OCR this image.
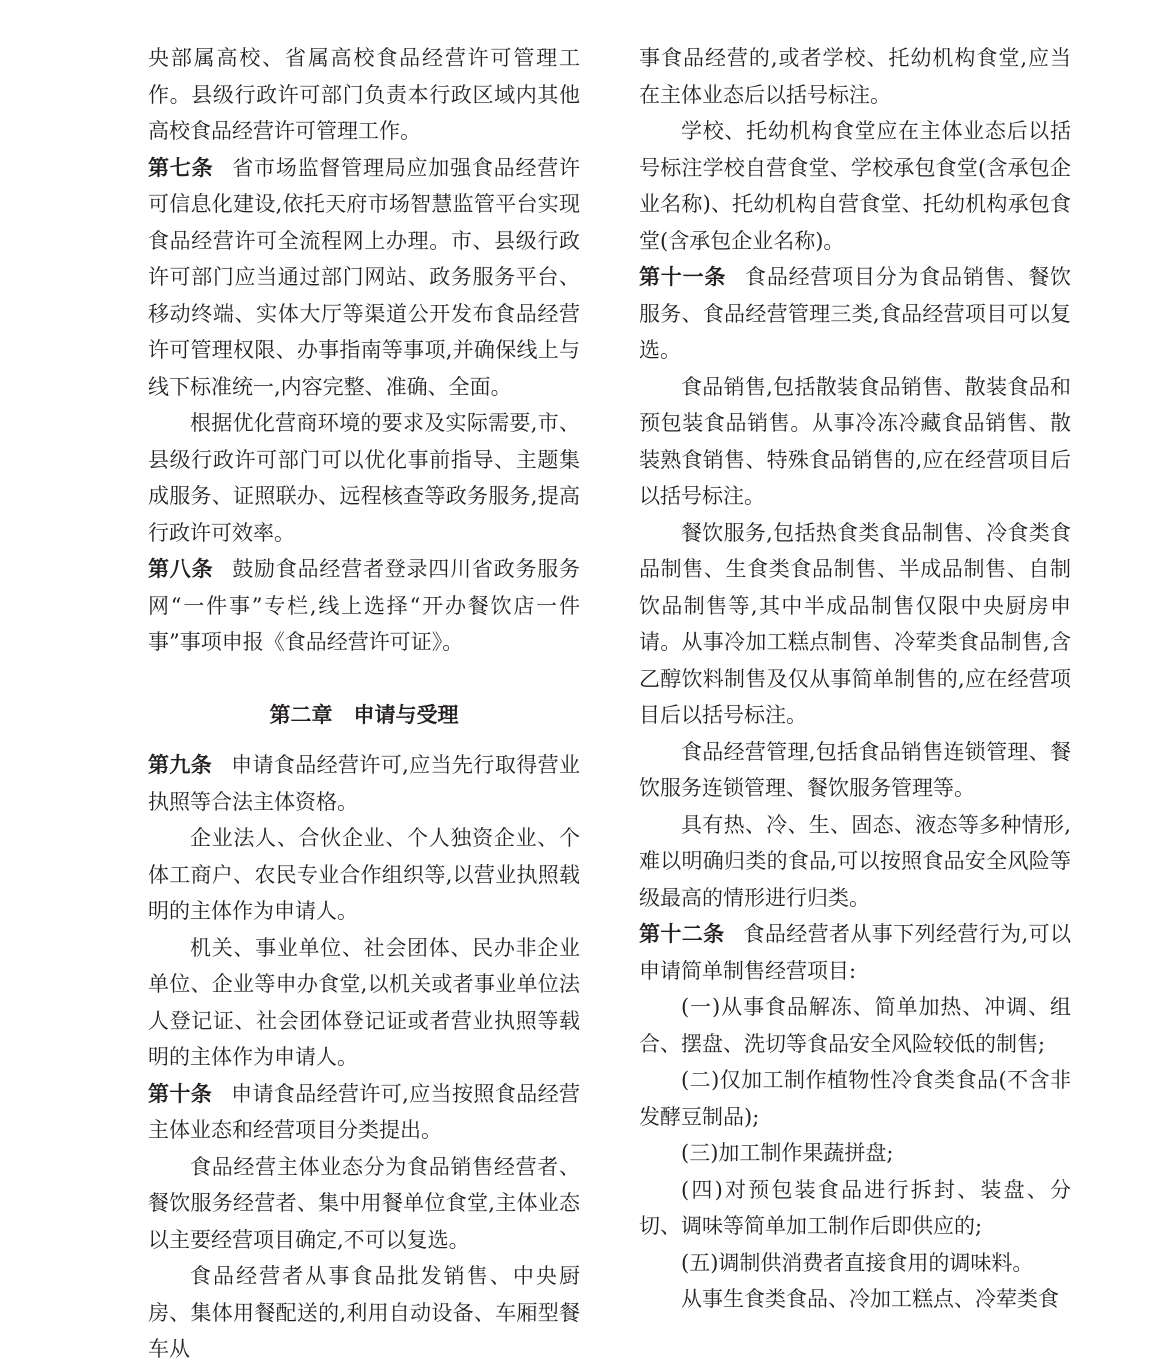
央部属高校、省属高校食品经营许可管理工作。县级行政许可部门负责本行政区域内其他高校食品经营许可管理工作。

第七条 省市场监督管理局应加强食品经营许可信息化建设,依托天府市场智慧监管平台实现食品经营许可全流程网上办理。市、县级行政许可部门应当通过部门网站、政务服务平台、移动终端、实体大厅等渠道公开发布食品经营许可管理权限、办事指南等事项,并确保线上与线下标准统一,内容完整、准确、全面。

根据优化营商环境的要求及实际需要,市、县级行政许可部门可以优化事前指导、主题集成服务、证照联办、远程核查等政务服务,提高行政许可效率。

第八条 鼓励食品经营者登录四川省政务服务网“一件事”专栏,线上选择“开办餐饮店一件事”事项申报《食品经营许可证》。

第二章　申请与受理

第九条 申请食品经营许可,应当先行取得营业执照等合法主体资格。

企业法人、合伙企业、个人独资企业、个体工商户、农民专业合作组织等,以营业执照载明的主体作为申请人。

机关、事业单位、社会团体、民办非企业单位、企业等申办食堂,以机关或者事业单位法人登记证、社会团体登记证或者营业执照等载明的主体作为申请人。

第十条 申请食品经营许可,应当按照食品经营主体业态和经营项目分类提出。

食品经营主体业态分为食品销售经营者、餐饮服务经营者、集中用餐单位食堂,主体业态以主要经营项目确定,不可以复选。

食品经营者从事食品批发销售、中央厨房、集体用餐配送的,利用自动设备、车厢型餐车从

事食品经营的,或者学校、托幼机构食堂,应当在主体业态后以括号标注。

学校、托幼机构食堂应在主体业态后以括号标注学校自营食堂、学校承包食堂(含承包企业名称)、托幼机构自营食堂、托幼机构承包食堂(含承包企业名称)。

第十一条 食品经营项目分为食品销售、餐饮服务、食品经营管理三类,食品经营项目可以复选。

食品销售,包括散装食品销售、散装食品和预包装食品销售。从事冷冻冷藏食品销售、散装熟食销售、特殊食品销售的,应在经营项目后以括号标注。

餐饮服务,包括热食类食品制售、冷食类食品制售、生食类食品制售、半成品制售、自制饮品制售等,其中半成品制售仅限中央厨房申请。从事冷加工糕点制售、冷荤类食品制售,含乙醇饮料制售及仅从事简单制售的,应在经营项目后以括号标注。

食品经营管理,包括食品销售连锁管理、餐饮服务连锁管理、餐饮服务管理等。

具有热、冷、生、固态、液态等多种情形,难以明确归类的食品,可以按照食品安全风险等级最高的情形进行归类。

第十二条 食品经营者从事下列经营行为,可以申请简单制售经营项目:

(一)从事食品解冻、简单加热、冲调、组合、摆盘、洗切等食品安全风险较低的制售;

(二)仅加工制作植物性冷食类食品(不含非发酵豆制品);

(三)加工制作果蔬拼盘;

(四)对预包装食品进行拆封、装盘、分切、调味等简单加工制作后即供应的;

(五)调制供消费者直接食用的调味料。

从事生食类食品、冷加工糕点、冷荤类食
